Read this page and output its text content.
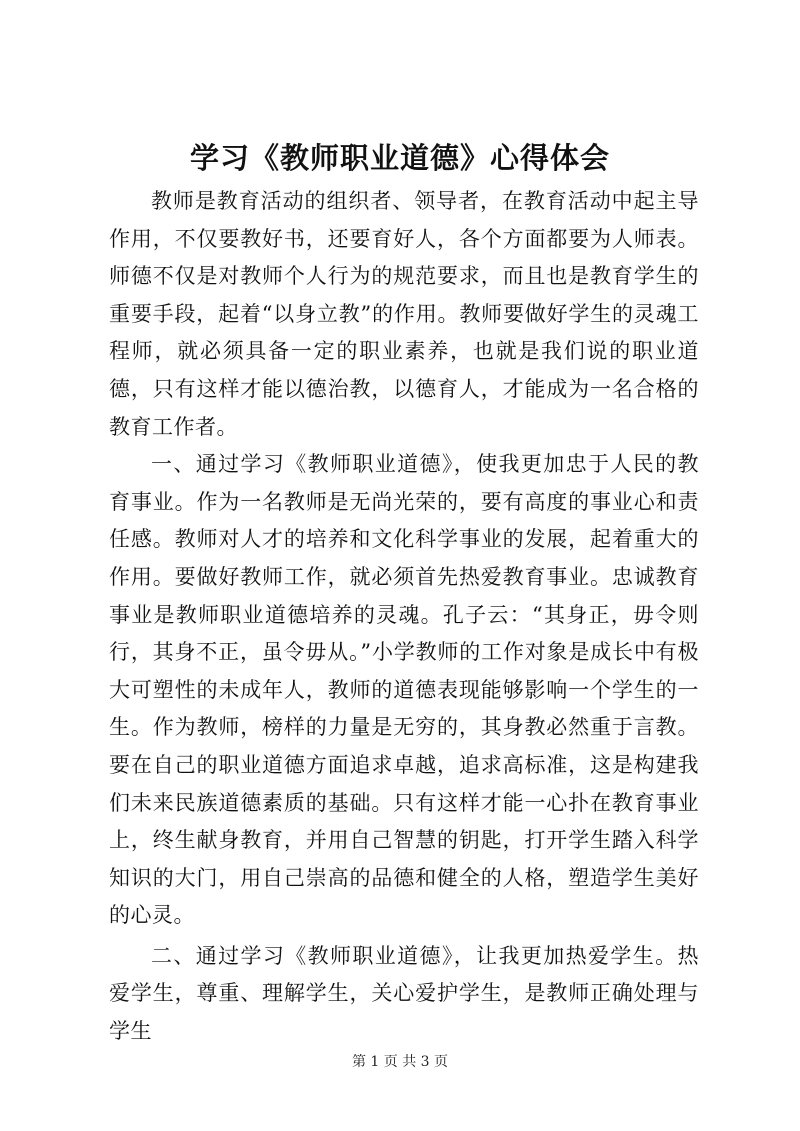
学习《教师职业道德》心得体会

教师是教育活动的组织者、领导者，在教育活动中起主导作用，不仅要教好书，还要育好人，各个方面都要为人师表。师德不仅是对教师个人行为的规范要求，而且也是教育学生的重要手段，起着“以身立教”的作用。教师要做好学生的灵魂工程师，就必须具备一定的职业素养，也就是我们说的职业道德，只有这样才能以德治教，以德育人，才能成为一名合格的教育工作者。

一、通过学习《教师职业道德》，使我更加忠于人民的教育事业。作为一名教师是无尚光荣的，要有高度的事业心和责任感。教师对人才的培养和文化科学事业的发展，起着重大的作用。要做好教师工作，就必须首先热爱教育事业。忠诚教育事业是教师职业道德培养的灵魂。孔子云：“其身正，毋令则行，其身不正，虽令毋从。”小学教师的工作对象是成长中有极大可塑性的未成年人，教师的道德表现能够影响一个学生的一生。作为教师，榜样的力量是无穷的，其身教必然重于言教。要在自己的职业道德方面追求卓越，追求高标准，这是构建我们未来民族道德素质的基础。只有这样才能一心扑在教育事业上，终生献身教育，并用自己智慧的钥匙，打开学生踏入科学知识的大门，用自己崇高的品德和健全的人格，塑造学生美好的心灵。

二、通过学习《教师职业道德》，让我更加热爱学生。热爱学生，尊重、理解学生，关心爱护学生，是教师正确处理与学生

第 1 页 共 3 页
